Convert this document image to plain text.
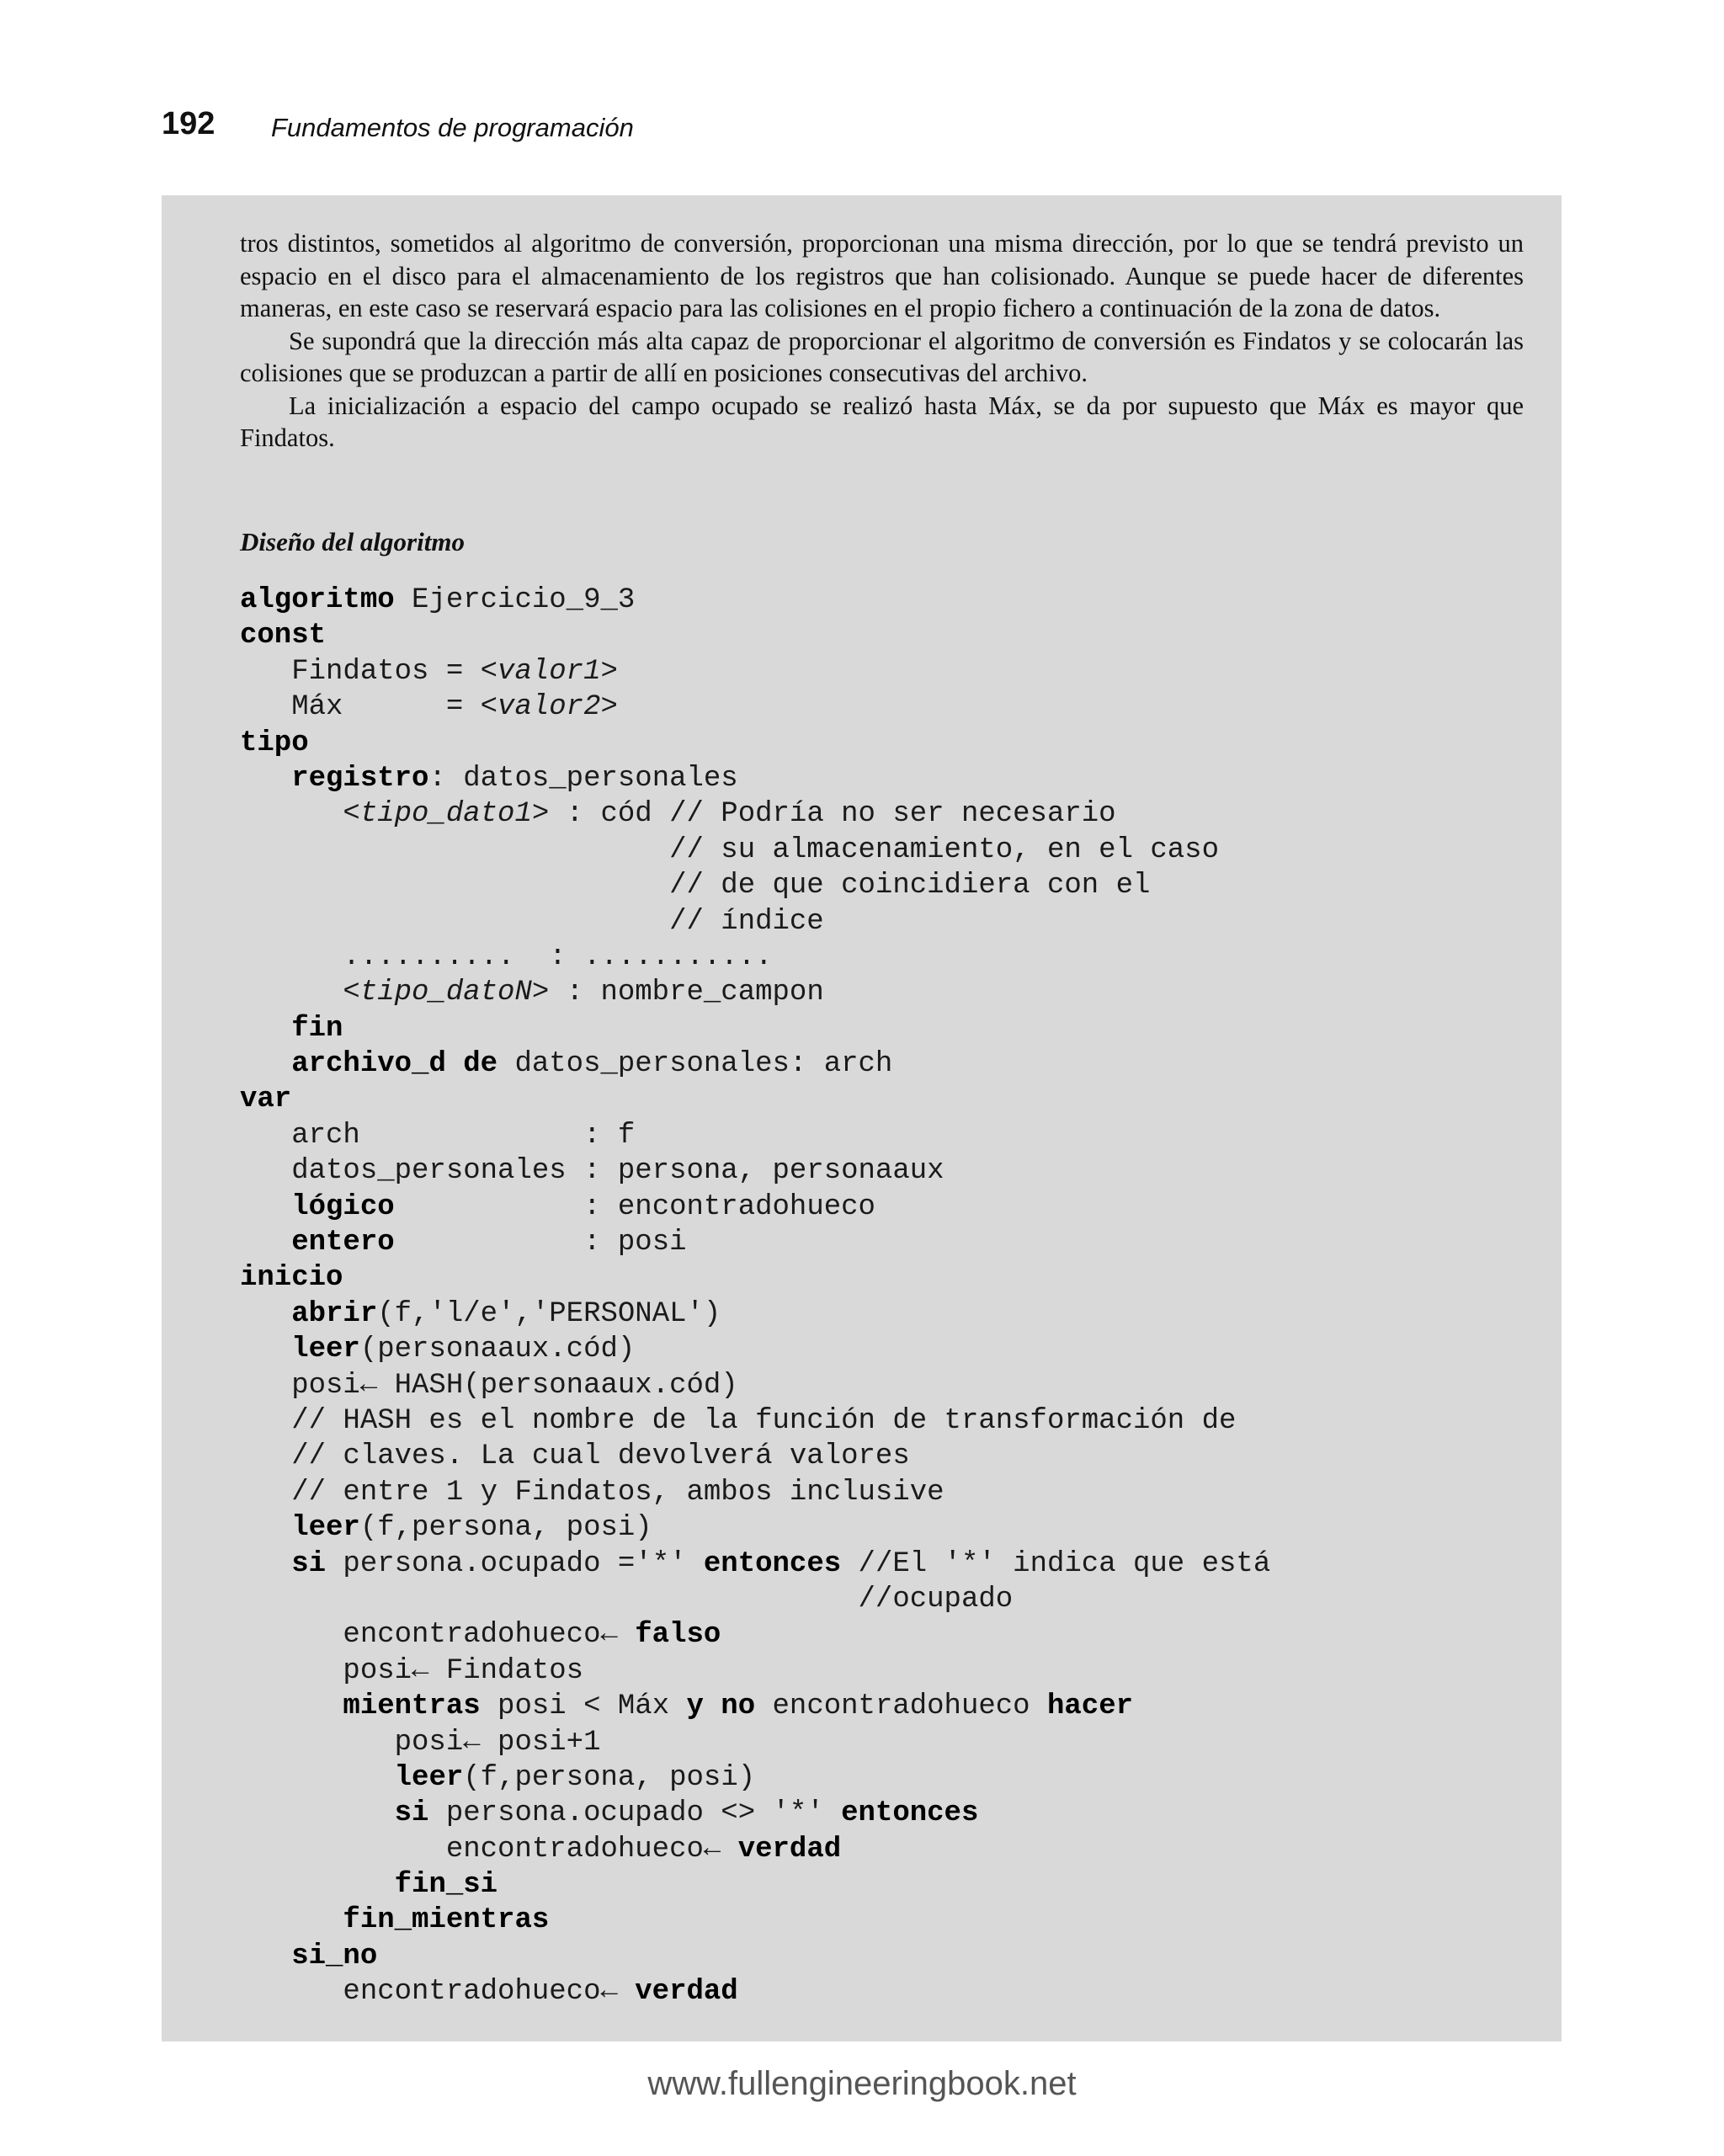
192 Fundamentos de programación

tros distintos, sometidos al algoritmo de conversión, proporcionan una misma dirección, por lo que se tendrá previsto un espacio en el disco para el almacenamiento de los registros que han colisionado. Aunque se puede hacer de diferentes maneras, en este caso se reservará espacio para las colisiones en el propio fichero a continuación de la zona de datos.

Se supondrá que la dirección más alta capaz de proporcionar el algoritmo de conversión es Findatos y se colocarán las colisiones que se produzcan a partir de allí en posiciones consecutivas del archivo.

La inicialización a espacio del campo ocupado se realizó hasta Máx, se da por supuesto que Máx es mayor que Findatos.

Diseño del algoritmo
algoritmo Ejercicio_9_3
const
Findatos = <valor1>
Máx      = <valor2>
tipo
registro: datos_personales
<tipo_dato1> : cód // Podría no ser necesario
// su almacenamiento, en el caso
// de que coincidiera con el
// índice
..........  : ...........
<tipo_datoN> : nombre_campon
fin
archivo_d de datos_personales: arch
var
arch             : f
datos_personales : persona, personaaux
lógico           : encontradohueco
entero           : posi
inicio
abrir(f,'l/e','PERSONAL')
leer(personaaux.cód)
posi← HASH(personaaux.cód)
// HASH es el nombre de la función de transformación de
// claves. La cual devolverá valores
// entre 1 y Findatos, ambos inclusive
leer(f,persona, posi)
si persona.ocupado ='*' entonces //El '*' indica que está
//ocupado
encontradohueco← falso
posi← Findatos
mientras posi < Máx y no encontradohueco hacer
posi← posi+1
leer(f,persona, posi)
si persona.ocupado <> '*' entonces
encontradohueco← verdad
fin_si
fin_mientras
si_no
encontradohueco← verdad
www.fullengineeringbook.net
